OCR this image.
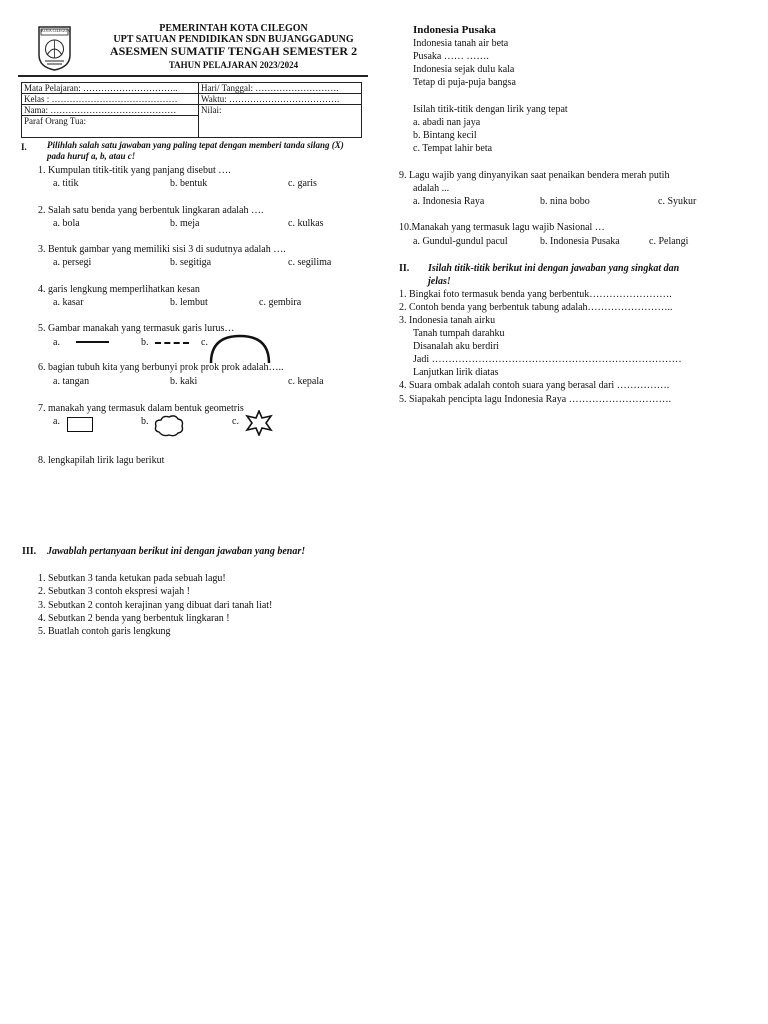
KOTA CILEGON	PEMERINTAH KOTA CILEGON
UPT SATUAN PENDIDIKAN SDN BUJANGGADUNG
ASESMEN SUMATIF TENGAH SEMESTER 2
TAHUN PELAJARAN 2023/2024
Mata Pelajaran: …………………………..	Hari/ Tanggal: ……………………….
Kelas : ……………………………………	Waktu: ……………………………….
Nama: ……………………………………	Nilai:
Paraf Orang Tua:	
I. Pilihlah salah satu jawaban yang paling tepat dengan memberi tanda silang (X)
pada huruf a, b, atau c!
1. Kumpulan titik-titik yang panjang disebut ….
a. titik	b. bentuk	c. garis
2. Salah satu benda yang berbentuk lingkaran adalah ….
a. bola	b. meja	c. kulkas
3. Bentuk gambar yang memiliki sisi 3 di sudutnya adalah ….
a. persegi	b. segitiga	c. segilima
4. garis lengkung memperlihatkan kesan
a. kasar	b. lembut	c. gembira
5. Gambar manakah yang termasuk garis lurus…
a.	b.	c.
6. bagian tubuh kita yang berbunyi prok prok prok adalah…..
a. tangan	b. kaki	c. kepala
7. manakah yang termasuk dalam bentuk geometris
a.	b.	c.
8. lengkapilah lirik lagu berikut
Indonesia Pusaka
Indonesia tanah air beta
Pusaka …… …….
Indonesia sejak dulu kala
Tetap di puja-puja bangsa
Isilah titik-titik dengan lirik yang tepat
a. abadi nan jaya
b. Bintang kecil
c. Tempat lahir beta
9. Lagu wajib yang dinyanyikan saat penaikan bendera merah putih
adalah ...
a. Indonesia Raya	b. nina bobo	c. Syukur
10.Manakah yang termasuk lagu wajib Nasional …
a. Gundul-gundul pacul	b. Indonesia Pusaka	c. Pelangi
II. Isilah titik-titik berikut ini dengan jawaban yang singkat dan
jelas!
1. Bingkai foto termasuk benda yang berbentuk…………………….
2. Contoh benda yang berbentuk tabung adalah……………………..
3. Indonesia tanah airku
Tanah tumpah darahku
Disanalah aku berdiri
Jadi …………………………………………………………………
Lanjutkan lirik diatas
4. Suara ombak adalah contoh suara yang berasal dari …………….
5. Siapakah pencipta lagu Indonesia Raya ………………………….
III. Jawablah pertanyaan berikut ini dengan jawaban yang benar!
1. Sebutkan 3 tanda ketukan pada sebuah lagu!
2. Sebutkan 3 contoh ekspresi wajah !
3. Sebutkan 2 contoh kerajinan yang dibuat dari tanah liat!
4. Sebutkan 2 benda yang berbentuk lingkaran !
5. Buatlah contoh garis lengkung
